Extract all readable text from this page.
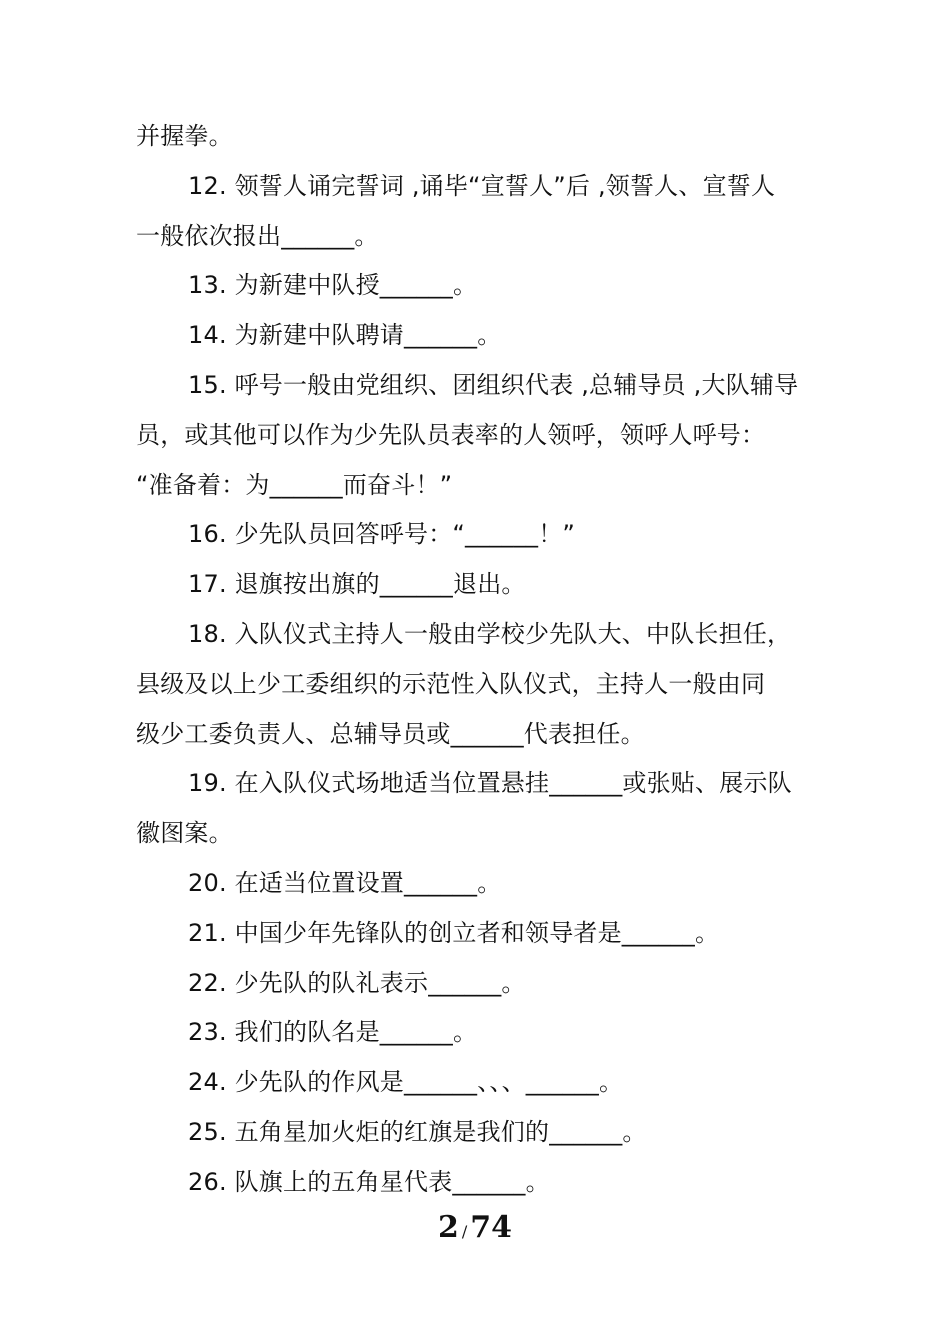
并握拳。
12. 领誓人诵完誓词 ,诵毕“宣誓人”后 ,领誓人、宣誓人
一般依次报出______。
13. 为新建中队授______。
14. 为新建中队聘请______。
15. 呼号一般由党组织、团组织代表 ,总辅导员 ,大队辅导
员，或其他可以作为少先队员表率的人领呼，领呼人呼号：
“准备着：为______而奋斗！”
16. 少先队员回答呼号：“______！”
17. 退旗按出旗的______退出。
18. 入队仪式主持人一般由学校少先队大、中队长担任，
县级及以上少工委组织的示范性入队仪式，主持人一般由同
级少工委负责人、总辅导员或______代表担任。
19. 在入队仪式场地适当位置悬挂______或张贴、展示队
徽图案。
20. 在适当位置设置______。
21. 中国少年先锋队的创立者和领导者是______。
22. 少先队的队礼表示______。
23. 我们的队名是______。
24. 少先队的作风是______、、、______。
25. 五角星加火炬的红旗是我们的______。
26. 队旗上的五角星代表______。
2 / 74
